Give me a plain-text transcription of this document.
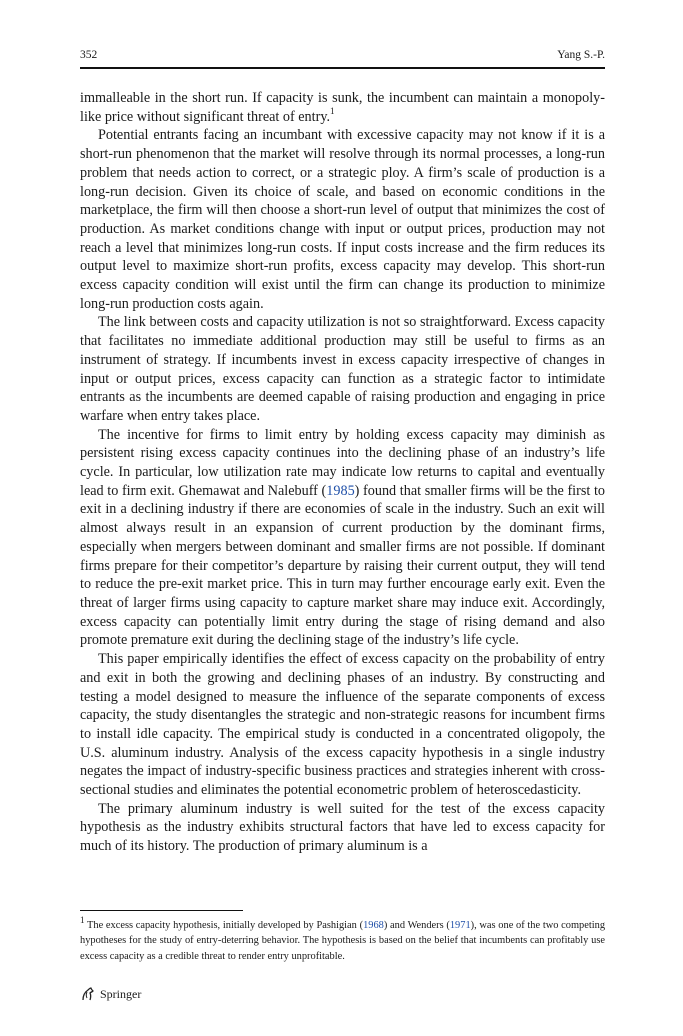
352	Yang S.-P.

immalleable in the short run. If capacity is sunk, the incumbent can maintain a monopoly-like price without significant threat of entry.$^1$

Potential entrants facing an incumbant with excessive capacity may not know if it is a short-run phenomenon that the market will resolve through its normal processes, a long-run problem that needs action to correct, or a strategic ploy. A firm’s scale of production is a long-run decision. Given its choice of scale, and based on economic conditions in the marketplace, the firm will then choose a short-run level of output that minimizes the cost of production. As market conditions change with input or output prices, production may not reach a level that minimizes long-run costs. If input costs increase and the firm reduces its output level to maximize short-run profits, excess capacity may develop. This short-run excess capacity condition will exist until the firm can change its production to minimize long-run production costs again.

The link between costs and capacity utilization is not so straightforward. Excess capacity that facilitates no immediate additional production may still be useful to firms as an instrument of strategy. If incumbents invest in excess capacity irrespective of changes in input or output prices, excess capacity can function as a strategic factor to intimidate entrants as the incumbents are deemed capable of raising production and engaging in price warfare when entry takes place.

The incentive for firms to limit entry by holding excess capacity may diminish as persistent rising excess capacity continues into the declining phase of an industry’s life cycle. In particular, low utilization rate may indicate low returns to capital and eventually lead to firm exit. Ghemawat and Nalebuff (1985) found that smaller firms will be the first to exit in a declining industry if there are economies of scale in the industry. Such an exit will almost always result in an expansion of current production by the dominant firms, especially when mergers between dominant and smaller firms are not possible. If dominant firms prepare for their competitor’s departure by raising their current output, they will tend to reduce the pre-exit market price. This in turn may further encourage early exit. Even the threat of larger firms using capacity to capture market share may induce exit. Accordingly, excess capacity can potentially limit entry during the stage of rising demand and also promote premature exit during the declining stage of the industry’s life cycle.

This paper empirically identifies the effect of excess capacity on the probability of entry and exit in both the growing and declining phases of an industry. By constructing and testing a model designed to measure the influence of the separate components of excess capacity, the study disentangles the strategic and non-strategic reasons for incumbent firms to install idle capacity. The empirical study is conducted in a concentrated oligopoly, the U.S. aluminum industry. Analysis of the excess capacity hypothesis in a single industry negates the impact of industry-specific business practices and strategies inherent with cross-sectional studies and eliminates the potential econometric problem of heteroscedasticity.

The primary aluminum industry is well suited for the test of the excess capacity hypothesis as the industry exhibits structural factors that have led to excess capacity for much of its history. The production of primary aluminum is a

$^1$ The excess capacity hypothesis, initially developed by Pashigian (1968) and Wenders (1971), was one of the two competing hypotheses for the study of entry-deterring behavior. The hypothesis is based on the belief that incumbents can profitably use excess capacity as a credible threat to render entry unprofitable.
Springer
